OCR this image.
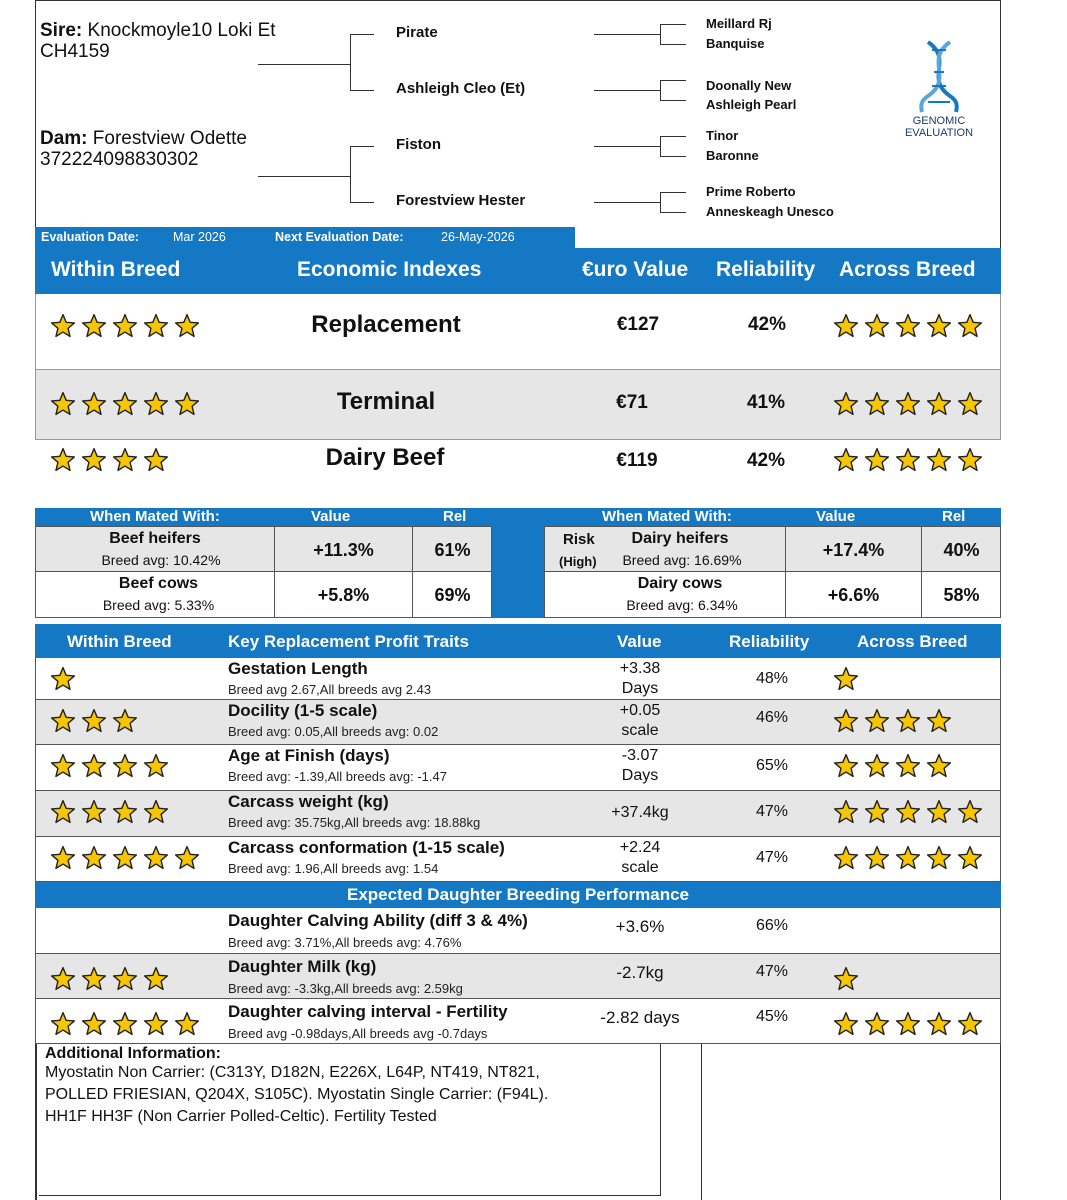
Sire: Knockmoyle10 Loki Et
CH4159
Dam: Forestview Odette
372224098830302
Pirate
Ashleigh Cleo (Et)
Fiston
Forestview Hester
Meillard Rj
Banquise
Doonally New
Ashleigh Pearl
Tinor
Baronne
Prime Roberto
Anneskeagh Unesco
GENOMIC
EVALUATION
Evaluation Date:	Mar 2026	Next Evaluation Date:	26-May-2026
Within Breed	Economic Indexes	€uro Value Reliability Across Breed
Replacement	€127	42%
Terminal	€71	41%
Dairy Beef	€119	42%
When Mated With:	Value	Rel	When Mated With:	Value	Rel
Beef heifers
Breed avg: 10.42%	+11.3%	61%
Beef cows
Breed avg: 5.33%	+5.8%	69%
Risk
(High)
Dairy heifers
Breed avg: 16.69%	+17.4%	40%
Dairy cows
Breed avg: 6.34%	+6.6%	58%
Within Breed	Key Replacement Profit Traits	Value	Reliability	Across Breed
Gestation Length
Breed avg 2.67,All breeds avg 2.43
+3.38
Days
48%
Docility (1-5 scale)
Breed avg: 0.05,All breeds avg: 0.02
+0.05
scale
46%
Age at Finish (days)
Breed avg: -1.39,All breeds avg: -1.47
-3.07
Days
65%
Carcass weight (kg)
Breed avg: 35.75kg,All breeds avg: 18.88kg
+37.4kg	47%
Carcass conformation (1-15 scale)
Breed avg: 1.96,All breeds avg: 1.54
+2.24
scale
47%
Expected Daughter Breeding Performance
Daughter Calving Ability (diff 3 & 4%)
Breed avg: 3.71%,All breeds avg: 4.76%
+3.6%	66%
Daughter Milk (kg)
Breed avg: -3.3kg,All breeds avg: 2.59kg
-2.7kg	47%
Daughter calving interval - Fertility
Breed avg -0.98days,All breeds avg -0.7days
-2.82 days	45%
Additional Information:
Myostatin Non Carrier: (C313Y, D182N, E226X, L64P, NT419, NT821,
POLLED FRIESIAN, Q204X, S105C). Myostatin Single Carrier: (F94L).
HH1F HH3F (Non Carrier Polled-Celtic). Fertility Tested
